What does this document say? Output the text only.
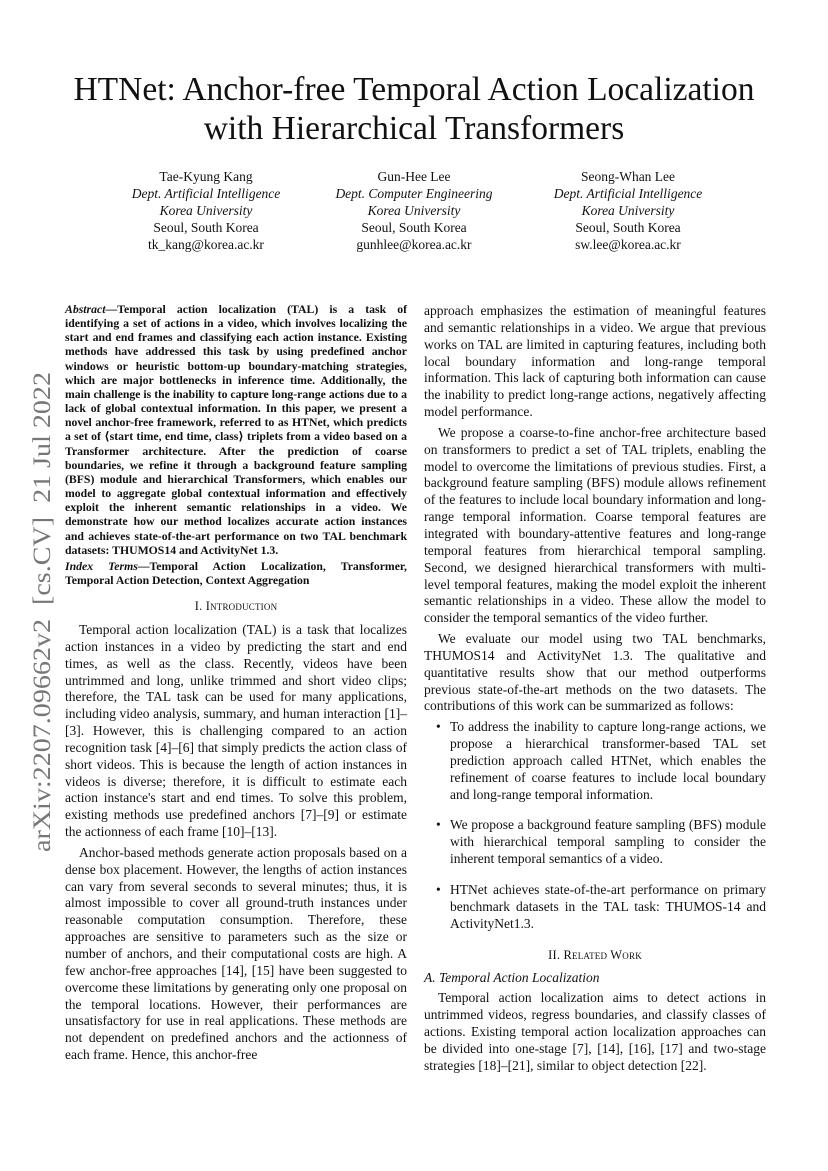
arXiv:2207.09662v2  [cs.CV]  21 Jul 2022
HTNet: Anchor-free Temporal Action Localization
with Hierarchical Transformers
Tae-Kyung Kang
Dept. Artificial Intelligence
Korea University
Seoul, South Korea
tk_kang@korea.ac.kr
Gun-Hee Lee
Dept. Computer Engineering
Korea University
Seoul, South Korea
gunhlee@korea.ac.kr
Seong-Whan Lee
Dept. Artificial Intelligence
Korea University
Seoul, South Korea
sw.lee@korea.ac.kr

Abstract—Temporal action localization (TAL) is a task of identifying a set of actions in a video, which involves localizing the start and end frames and classifying each action instance. Existing methods have addressed this task by using predefined anchor windows or heuristic bottom-up boundary-matching strategies, which are major bottlenecks in inference time. Additionally, the main challenge is the inability to capture long-range actions due to a lack of global contextual information. In this paper, we present a novel anchor-free framework, referred to as HTNet, which predicts a set of ⟨start time, end time, class⟩ triplets from a video based on a Transformer architecture. After the prediction of coarse boundaries, we refine it through a background feature sampling (BFS) module and hierarchical Transformers, which enables our model to aggregate global contextual information and effectively exploit the inherent semantic relationships in a video. We demonstrate how our method localizes accurate action instances and achieves state-of-the-art performance on two TAL benchmark datasets: THUMOS14 and ActivityNet 1.3.

Index Terms—Temporal Action Localization, Transformer, Temporal Action Detection, Context Aggregation

I. Introduction

Temporal action localization (TAL) is a task that localizes action instances in a video by predicting the start and end times, as well as the class. Recently, videos have been untrimmed and long, unlike trimmed and short video clips; therefore, the TAL task can be used for many applications, including video analysis, summary, and human interaction [1]–[3]. However, this is challenging compared to an action recognition task [4]–[6] that simply predicts the action class of short videos. This is because the length of action instances in videos is diverse; therefore, it is difficult to estimate each action instance's start and end times. To solve this problem, existing methods use predefined anchors [7]–[9] or estimate the actionness of each frame [10]–[13].

Anchor-based methods generate action proposals based on a dense box placement. However, the lengths of action instances can vary from several seconds to several minutes; thus, it is almost impossible to cover all ground-truth instances under reasonable computation consumption. Therefore, these approaches are sensitive to parameters such as the size or number of anchors, and their computational costs are high. A few anchor-free approaches [14], [15] have been suggested to overcome these limitations by generating only one proposal on the temporal locations. However, their performances are unsatisfactory for use in real applications. These methods are not dependent on predefined anchors and the actionness of each frame. Hence, this anchor-free

approach emphasizes the estimation of meaningful features and semantic relationships in a video. We argue that previous works on TAL are limited in capturing features, including both local boundary information and long-range temporal information. This lack of capturing both information can cause the inability to predict long-range actions, negatively affecting model performance.

We propose a coarse-to-fine anchor-free architecture based on transformers to predict a set of TAL triplets, enabling the model to overcome the limitations of previous studies. First, a background feature sampling (BFS) module allows refinement of the features to include local boundary information and long-range temporal information. Coarse temporal features are integrated with boundary-attentive features and long-range temporal features from hierarchical temporal sampling. Second, we designed hierarchical transformers with multi-level temporal features, making the model exploit the inherent semantic relationships in a video. These allow the model to consider the temporal semantics of the video further.

We evaluate our model using two TAL benchmarks, THUMOS14 and ActivityNet 1.3. The qualitative and quantitative results show that our method outperforms previous state-of-the-art methods on the two datasets. The contributions of this work can be summarized as follows:

• To address the inability to capture long-range actions, we propose a hierarchical transformer-based TAL set prediction approach called HTNet, which enables the refinement of coarse features to include local boundary and long-range temporal information.
• We propose a background feature sampling (BFS) module with hierarchical temporal sampling to consider the inherent temporal semantics of a video.
• HTNet achieves state-of-the-art performance on primary benchmark datasets in the TAL task: THUMOS-14 and ActivityNet1.3.
II. Related Work
A. Temporal Action Localization

Temporal action localization aims to detect actions in untrimmed videos, regress boundaries, and classify classes of actions. Existing temporal action localization approaches can be divided into one-stage [7], [14], [16], [17] and two-stage strategies [18]–[21], similar to object detection [22].
